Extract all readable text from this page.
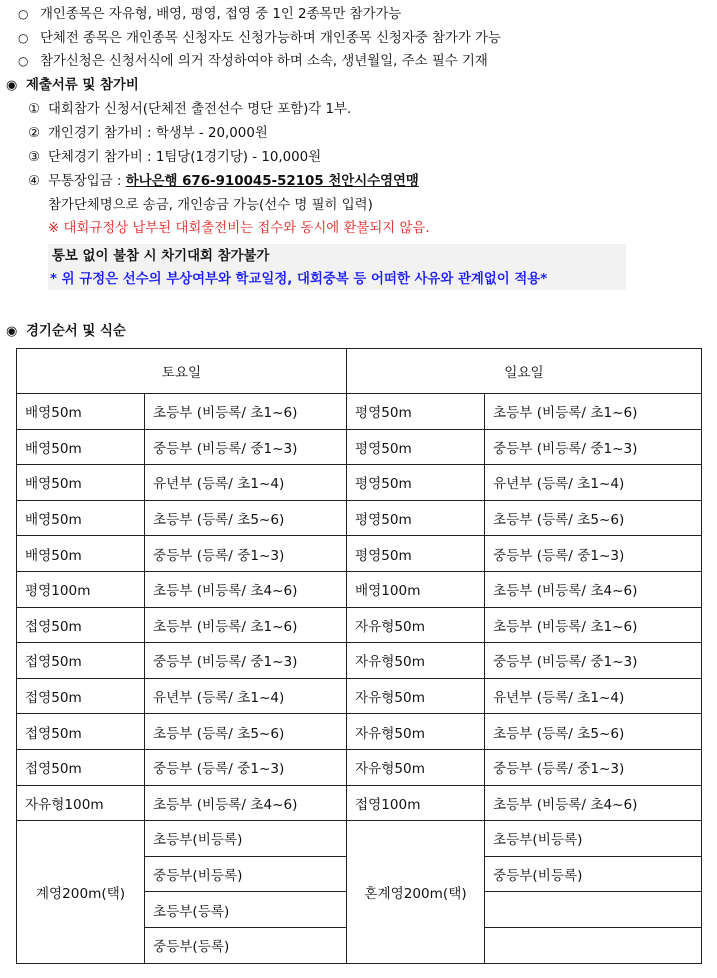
○ 개인종목은 자유형, 배영, 평영, 접영 중 1인 2종목만 참가가능
○ 단체전 종목은 개인종목 신청자도 신청가능하며 개인종목 신청자중 참가가 가능
○ 참가신청은 신청서식에 의거 작성하여야 하며 소속, 생년월일, 주소 필수 기재
◉ 제출서류 및 참가비
① 대회참가 신청서(단체전 출전선수 명단 포함)각 1부.
② 개인경기 참가비 : 학생부 - 20,000원
③ 단체경기 참가비 : 1팀당(1경기당) - 10,000원
④ 무통장입금 : 하나은행 676-910045-52105 천안시수영연맹
참가단체명으로 송금, 개인송금 가능(선수 명 필히 입력)
※ 대회규정상 납부된 대회출전비는 접수와 동시에 환불되지 않음.
통보 없이 불참 시 차기대회 참가불가
* 위 규정은 선수의 부상여부와 학교일정, 대회중복 등 어떠한 사유와 관계없이 적용*
◉ 경기순서 및 식순
토요일		일요일	
배영50m	초등부 (비등록/ 초1~6)	평영50m	초등부 (비등록/ 초1~6)
배영50m	중등부 (비등록/ 중1~3)	평영50m	중등부 (비등록/ 중1~3)
배영50m	유년부 (등록/ 초1~4)	평영50m	유년부 (등록/ 초1~4)
배영50m	초등부 (등록/ 초5~6)	평영50m	초등부 (등록/ 초5~6)
배영50m	중등부 (등록/ 중1~3)	평영50m	중등부 (등록/ 중1~3)
평영100m	초등부 (비등록/ 초4~6)	배영100m	초등부 (비등록/ 초4~6)
접영50m	초등부 (비등록/ 초1~6)	자유형50m	초등부 (비등록/ 초1~6)
접영50m	중등부 (비등록/ 중1~3)	자유형50m	중등부 (비등록/ 중1~3)
접영50m	유년부 (등록/ 초1~4)	자유형50m	유년부 (등록/ 초1~4)
접영50m	초등부 (등록/ 초5~6)	자유형50m	초등부 (등록/ 초5~6)
접영50m	중등부 (등록/ 중1~3)	자유형50m	중등부 (등록/ 중1~3)
자유형100m	초등부 (비등록/ 초4~6)	접영100m	초등부 (비등록/ 초4~6)
계영200m(택)	초등부(비등록)	혼계영200m(택)	초등부(비등록)
	중등부(비등록)		중등부(비등록)
	초등부(등록)		
	중등부(등록)		
